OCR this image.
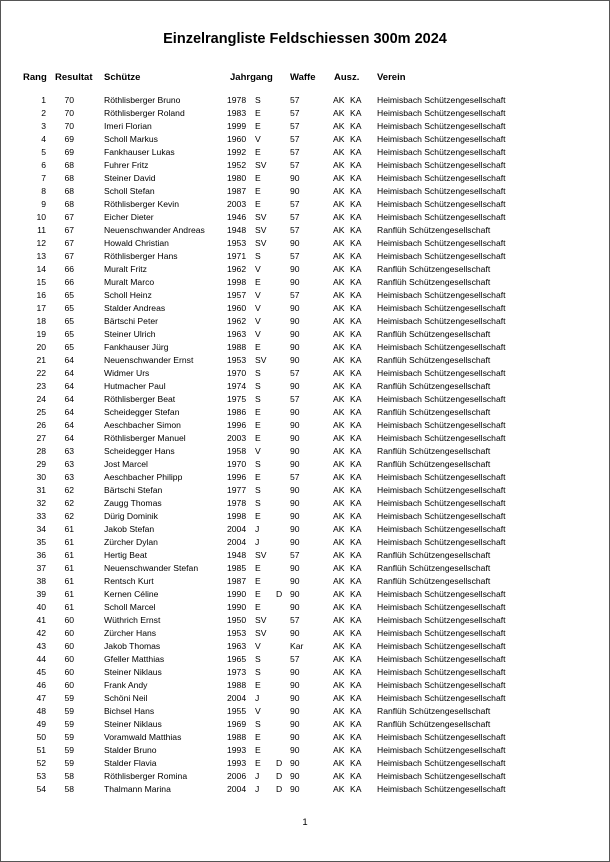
Einzelrangliste Feldschiessen 300m 2024
Rang Resultat Schütze	Jahrgang Waffe Ausz. Verein
1 70	Röthlisberger Bruno	1978 S	57	AK KA Heimisbach Schützengesellschaft
2 70	Röthlisberger Roland	1983 E	57	AK KA Heimisbach Schützengesellschaft
3 70	Imeri Florian	1999 E	57	AK KA Heimisbach Schützengesellschaft
4 69	Scholl Markus	1960 V	57	AK KA Heimisbach Schützengesellschaft
5 69	Fankhauser Lukas	1992 E	57	AK KA Heimisbach Schützengesellschaft
6 68	Fuhrer Fritz	1952 SV	57	AK KA Heimisbach Schützengesellschaft
7 68	Steiner David	1980 E	90	AK KA Heimisbach Schützengesellschaft
8 68	Scholl Stefan	1987 E	90	AK KA Heimisbach Schützengesellschaft
9 68	Röthlisberger Kevin	2003 E	57	AK KA Heimisbach Schützengesellschaft
10 67	Eicher Dieter	1946 SV	57	AK KA Heimisbach Schützengesellschaft
11 67	Neuenschwander Andreas	1948 SV	57	AK KA Ranflüh Schützengesellschaft
12 67	Howald Christian	1953 SV	90	AK KA Heimisbach Schützengesellschaft
13 67	Röthlisberger Hans	1971 S	57	AK KA Heimisbach Schützengesellschaft
14 66	Muralt Fritz	1962 V	90	AK KA Ranflüh Schützengesellschaft
15 66	Muralt Marco	1998 E	90	AK KA Ranflüh Schützengesellschaft
16 65	Scholl Heinz	1957 V	57	AK KA Heimisbach Schützengesellschaft
17 65	Stalder Andreas	1960 V	90	AK KA Heimisbach Schützengesellschaft
18 65	Bärtschi Peter	1962 V	90	AK KA Heimisbach Schützengesellschaft
19 65	Steiner Ulrich	1963 V	90	AK KA Ranflüh Schützengesellschaft
20 65	Fankhauser Jürg	1988 E	90	AK KA Heimisbach Schützengesellschaft
21 64	Neuenschwander Ernst	1953 SV	90	AK KA Ranflüh Schützengesellschaft
22 64	Widmer Urs	1970 S	57	AK KA Heimisbach Schützengesellschaft
23 64	Hutmacher Paul	1974 S	90	AK KA Ranflüh Schützengesellschaft
24 64	Röthlisberger Beat	1975 S	57	AK KA Heimisbach Schützengesellschaft
25 64	Scheidegger Stefan	1986 E	90	AK KA Ranflüh Schützengesellschaft
26 64	Aeschbacher Simon	1996 E	90	AK KA Heimisbach Schützengesellschaft
27 64	Röthlisberger Manuel	2003 E	90	AK KA Heimisbach Schützengesellschaft
28 63	Scheidegger Hans	1958 V	90	AK KA Ranflüh Schützengesellschaft
29 63	Jost Marcel	1970 S	90	AK KA Ranflüh Schützengesellschaft
30 63	Aeschbacher Philipp	1996 E	57	AK KA Heimisbach Schützengesellschaft
31 62	Bärtschi Stefan	1977 S	90	AK KA Heimisbach Schützengesellschaft
32 62	Zaugg Thomas	1978 S	90	AK KA Heimisbach Schützengesellschaft
33 62	Dürig Dominik	1998 E	90	AK KA Heimisbach Schützengesellschaft
34 61	Jakob Stefan	2004 J	90	AK KA Heimisbach Schützengesellschaft
35 61	Zürcher Dylan	2004 J	90	AK KA Heimisbach Schützengesellschaft
36 61	Hertig Beat	1948 SV	57	AK KA Ranflüh Schützengesellschaft
37 61	Neuenschwander Stefan	1985 E	90	AK KA Ranflüh Schützengesellschaft
38 61	Rentsch Kurt	1987 E	90	AK KA Ranflüh Schützengesellschaft
39 61	Kernen Céline	1990 E D 90	AK KA Heimisbach Schützengesellschaft
40 61	Scholl Marcel	1990 E	90	AK KA Heimisbach Schützengesellschaft
41 60	Wüthrich Ernst	1950 SV	57	AK KA Heimisbach Schützengesellschaft
42 60	Zürcher Hans	1953 SV	90	AK KA Heimisbach Schützengesellschaft
43 60	Jakob Thomas	1963 V	Kar	AK KA Heimisbach Schützengesellschaft
44 60	Gfeller Matthias	1965 S	57	AK KA Heimisbach Schützengesellschaft
45 60	Steiner Niklaus	1973 S	90	AK KA Heimisbach Schützengesellschaft
46 60	Frank Andy	1988 E	90	AK KA Heimisbach Schützengesellschaft
47 59	Schöni Neil	2004 J	90	AK KA Heimisbach Schützengesellschaft
48 59	Bichsel Hans	1955 V	90	AK KA Ranflüh Schützengesellschaft
49 59	Steiner Niklaus	1969 S	90	AK KA Ranflüh Schützengesellschaft
50 59	Voramwald Matthias	1988 E	90	AK KA Heimisbach Schützengesellschaft
51 59	Stalder Bruno	1993 E	90	AK KA Heimisbach Schützengesellschaft
52 59	Stalder Flavia	1993 E D 90	AK KA Heimisbach Schützengesellschaft
53 58	Röthlisberger Romina	2006 J D 90	AK KA Heimisbach Schützengesellschaft
54 58	Thalmann Marina	2004 J D 90	AK KA Heimisbach Schützengesellschaft
1
